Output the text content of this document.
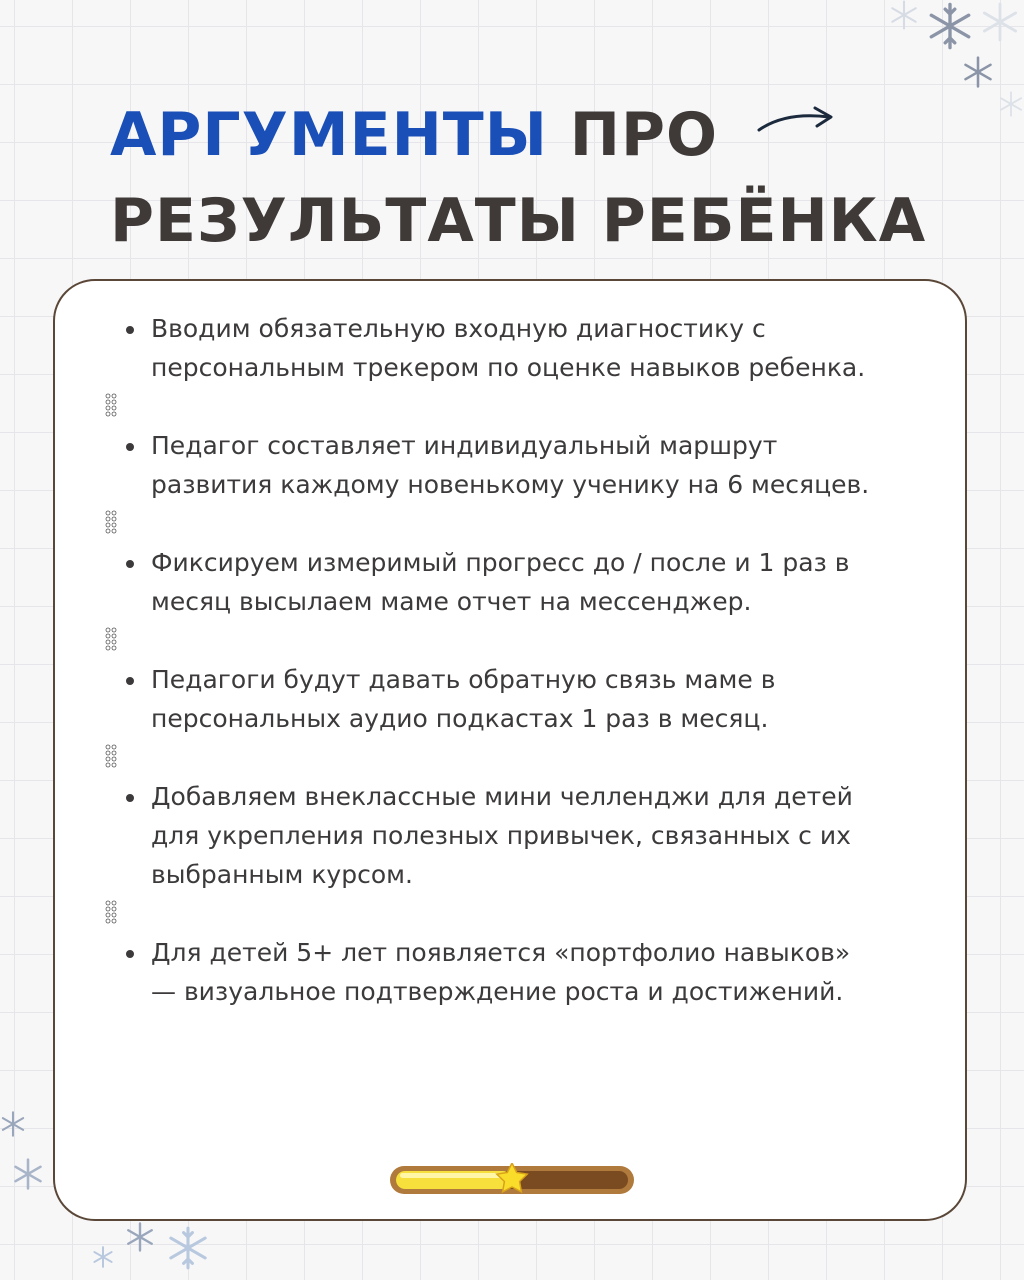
АРГУМЕНТЫ ПРО
РЕЗУЛЬТАТЫ РЕБЁНКА
Вводим обязательную входную диагностику с персональным трекером по оценке навыков ребенка.
Педагог составляет индивидуальный маршрут развития каждому новенькому ученику на 6 месяцев.
Фиксируем измеримый прогресс до / после и 1 раз в месяц высылаем маме отчет на мессенджер.
Педагоги будут давать обратную связь маме в персональных аудио подкастах 1 раз в месяц.
Добавляем внеклассные мини челленджи для детей для укрепления полезных привычек, связанных с их выбранным курсом.
Для детей 5+ лет появляется «портфолио навыков» — визуальное подтверждение роста и достижений.
